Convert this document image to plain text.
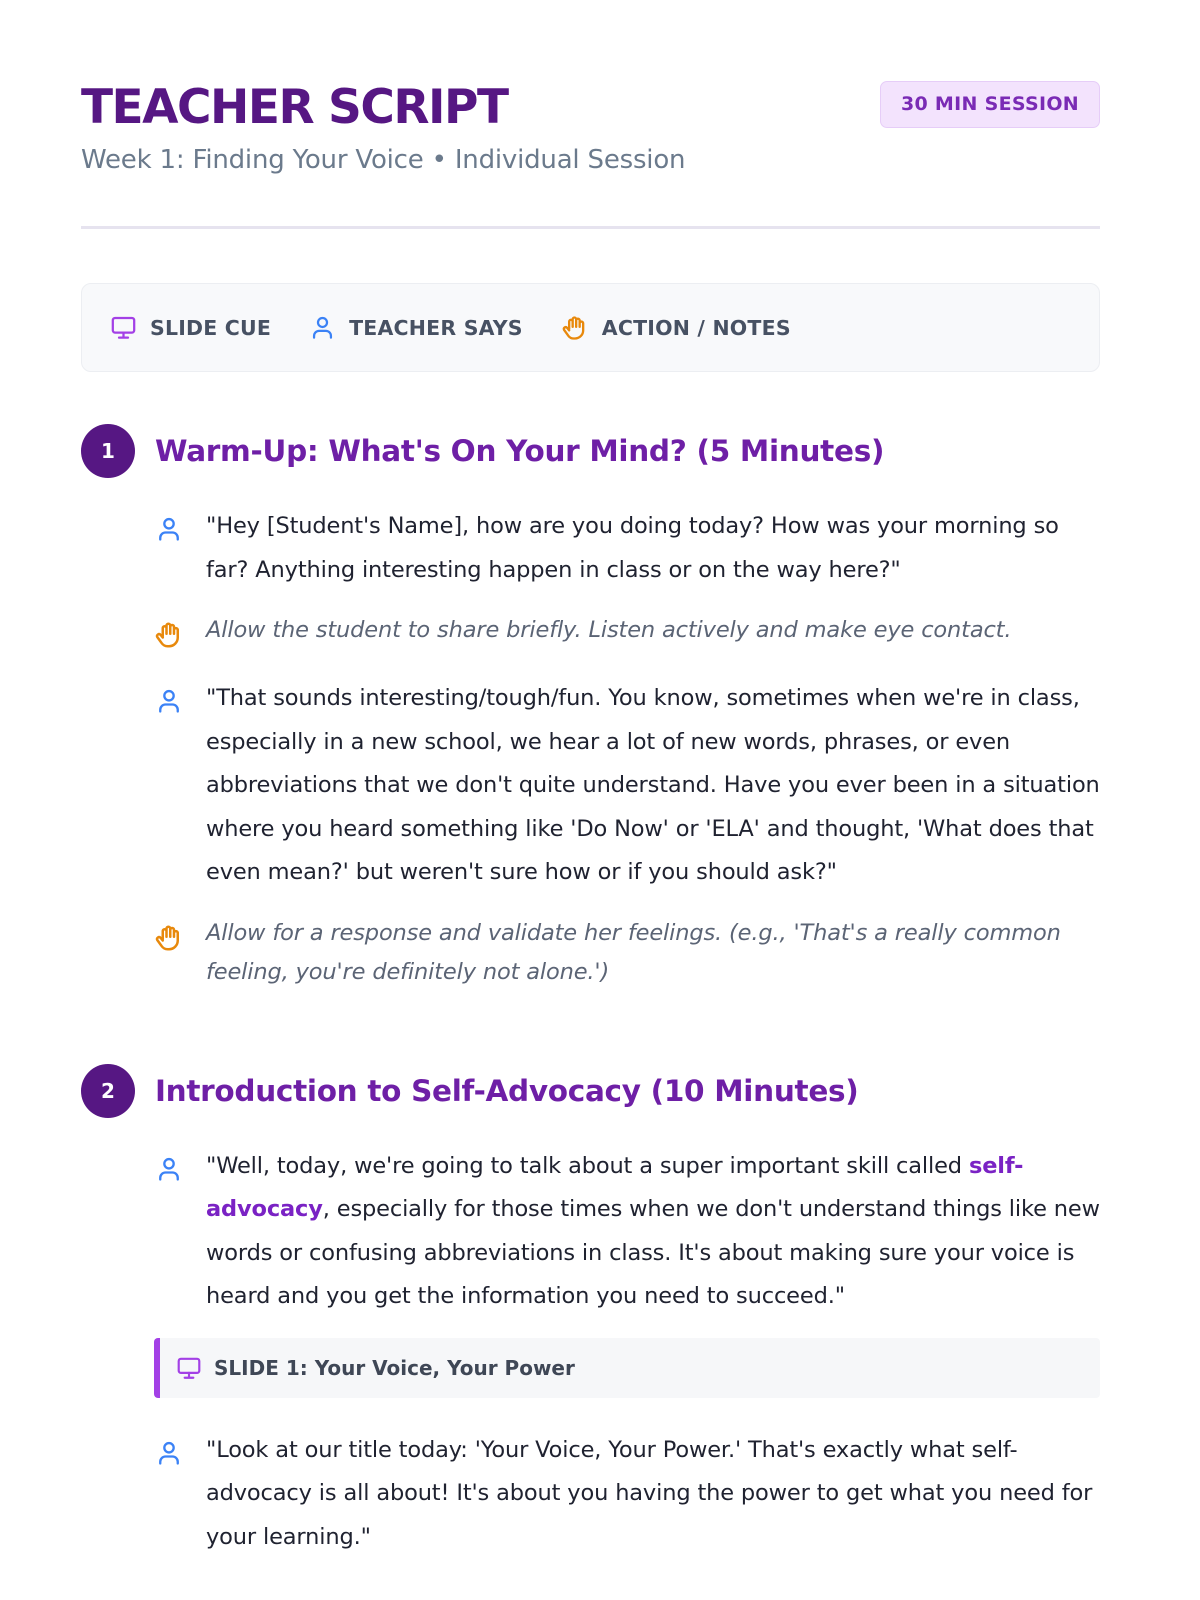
TEACHER SCRIPT
Week 1: Finding Your Voice • Individual Session
30 MIN SESSION
SLIDE CUE	TEACHER SAYS	ACTION / NOTES
1	Warm-Up: What's On Your Mind? (5 Minutes)
"Hey [Student's Name], how are you doing today? How was your morning so far? Anything interesting happen in class or on the way here?"
Allow the student to share briefly. Listen actively and make eye contact.
"That sounds interesting/tough/fun. You know, sometimes when we're in class, especially in a new school, we hear a lot of new words, phrases, or even abbreviations that we don't quite understand. Have you ever been in a situation where you heard something like 'Do Now' or 'ELA' and thought, 'What does that even mean?' but weren't sure how or if you should ask?"
Allow for a response and validate her feelings. (e.g., 'That's a really common feeling, you're definitely not alone.')
2	Introduction to Self-Advocacy (10 Minutes)
"Well, today, we're going to talk about a super important skill called self-advocacy, especially for those times when we don't understand things like new words or confusing abbreviations in class. It's about making sure your voice is heard and you get the information you need to succeed."
SLIDE 1: Your Voice, Your Power
"Look at our title today: 'Your Voice, Your Power.' That's exactly what self-advocacy is all about! It's about you having the power to get what you need for your learning."
